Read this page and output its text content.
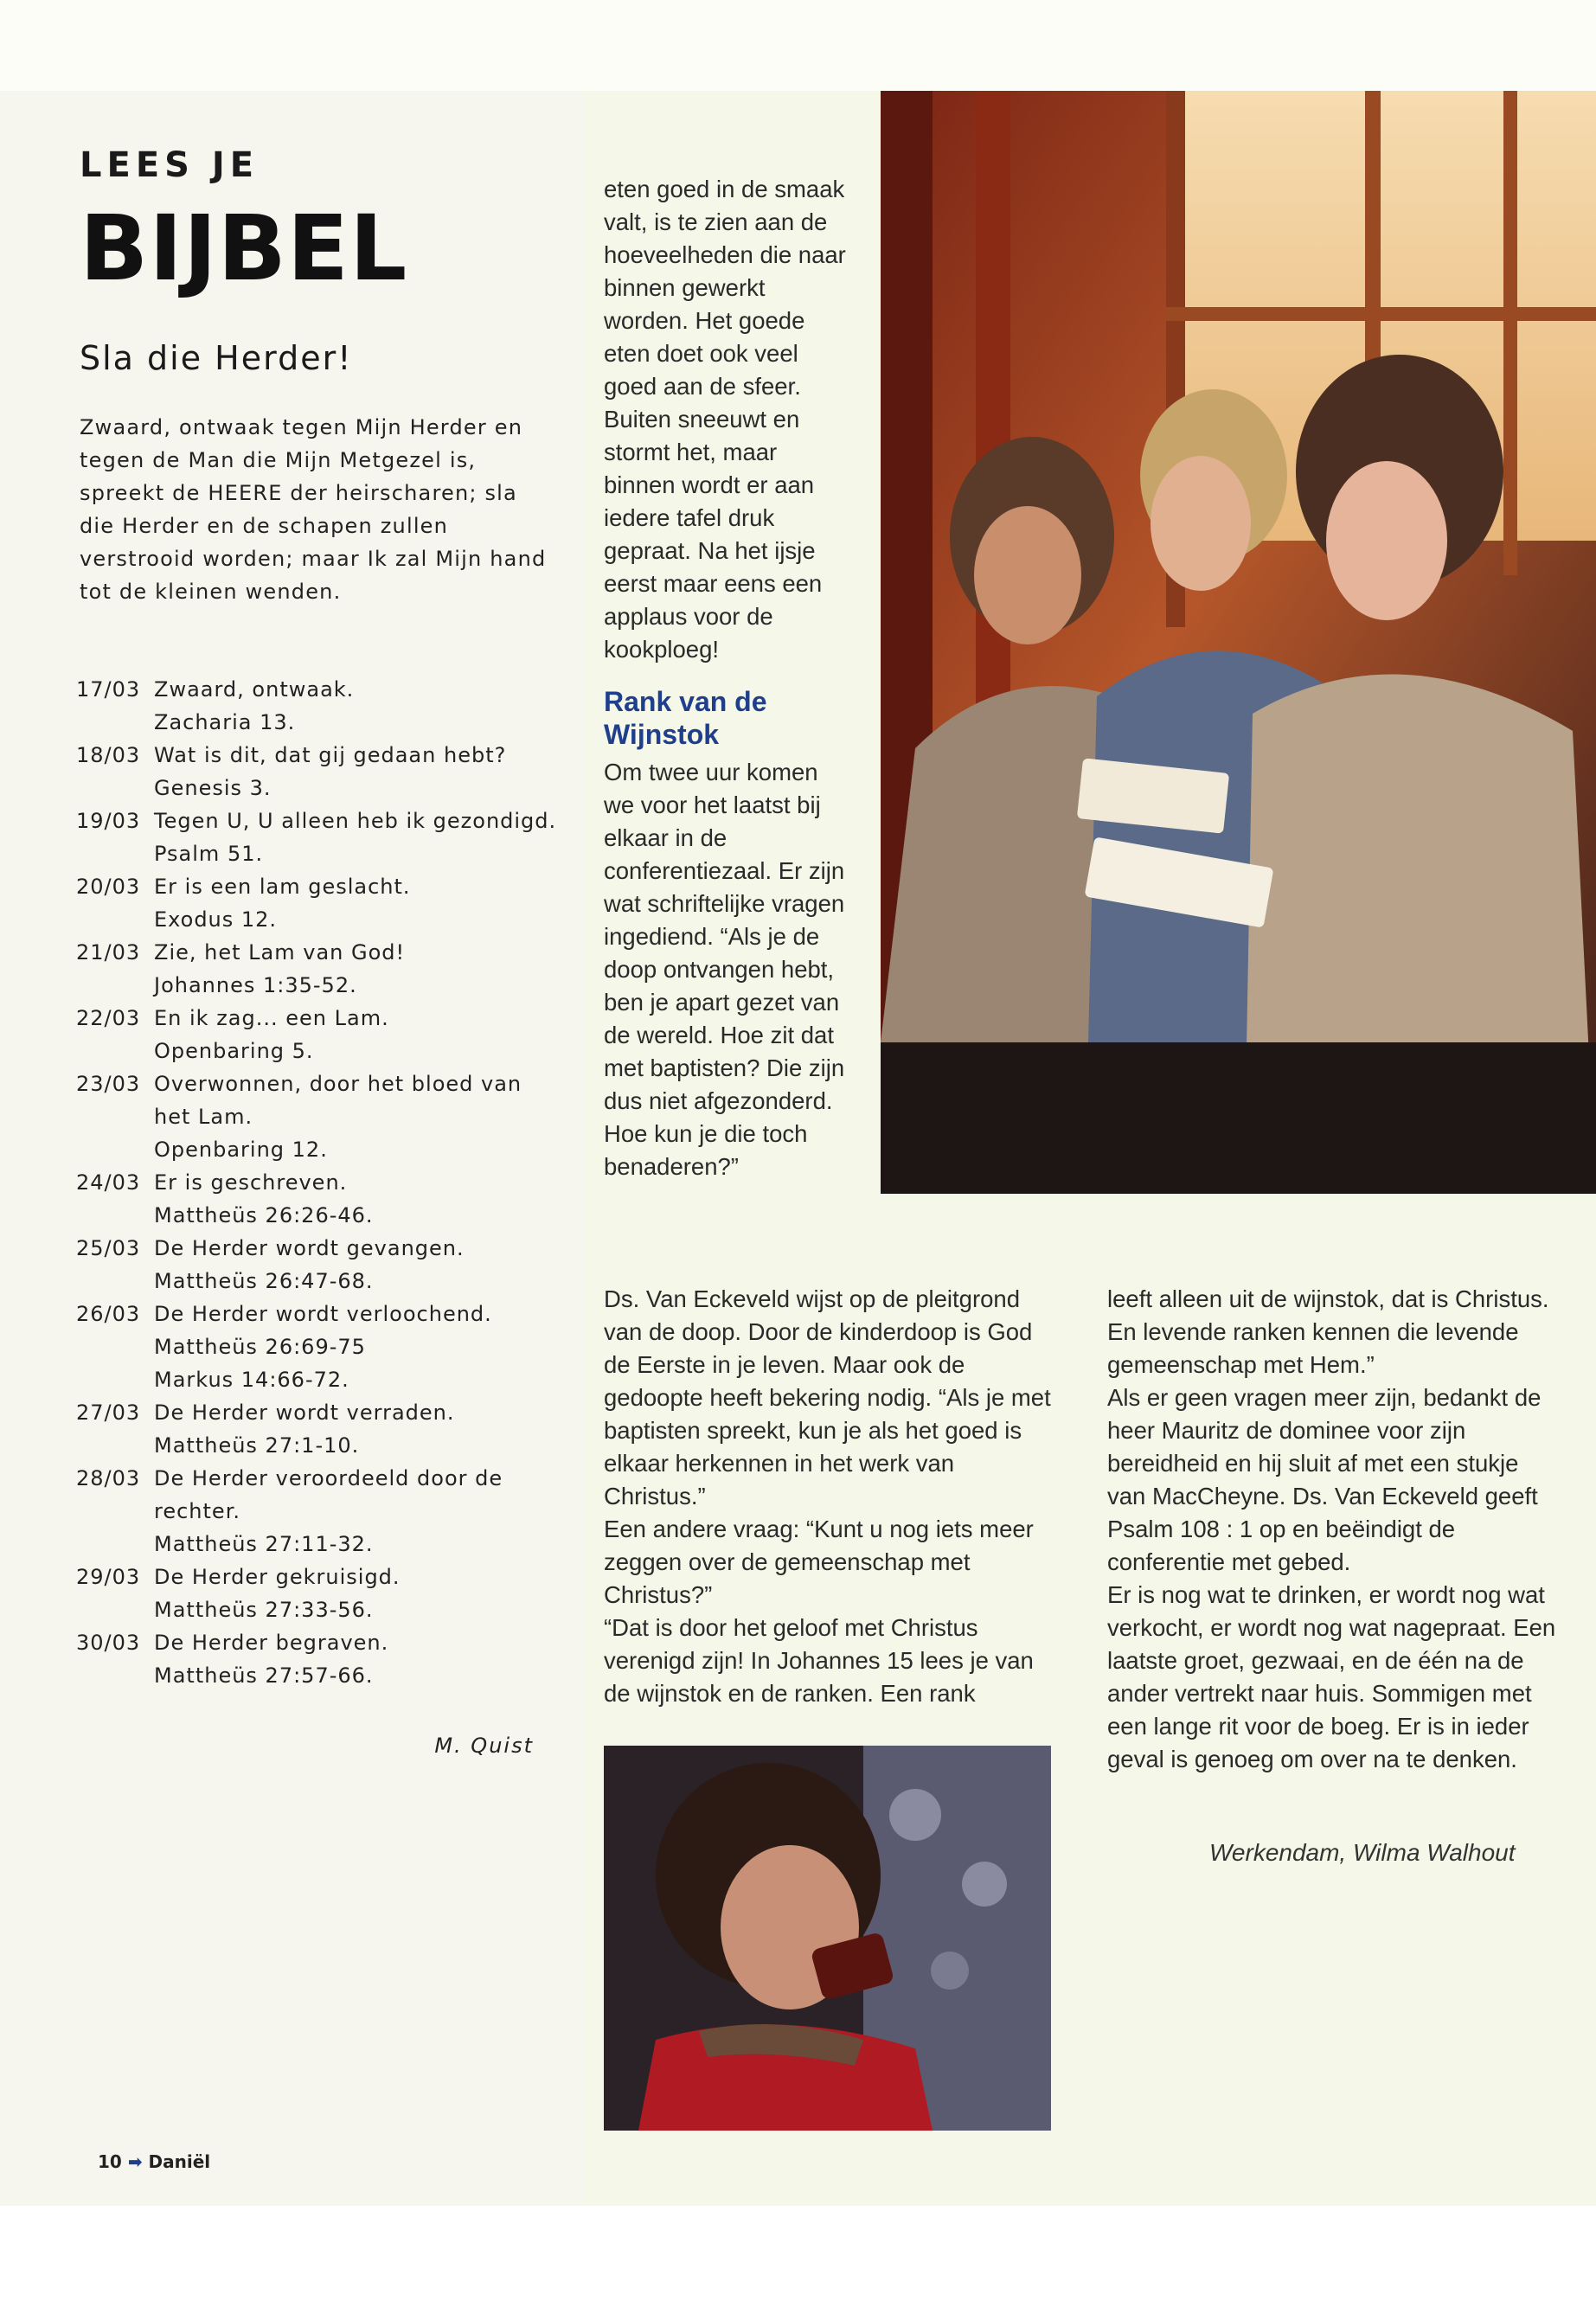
LEES JE
BIJBEL
Sla die Herder!
Zwaard, ontwaak tegen Mijn Herder en tegen de Man die Mijn Metgezel is, spreekt de HEERE der heirscharen; sla die Herder en de schapen zullen verstrooid worden; maar Ik zal Mijn hand tot de kleinen wenden.
17/03 Zwaard, ontwaak.
Zacharia 13.
18/03 Wat is dit, dat gij gedaan hebt?
Genesis 3.
19/03 Tegen U, U alleen heb ik gezondigd.
Psalm 51.
20/03 Er is een lam geslacht.
Exodus 12.
21/03 Zie, het Lam van God!
Johannes 1:35-52.
22/03 En ik zag... een Lam.
Openbaring 5.
23/03 Overwonnen, door het bloed van het Lam.
Openbaring 12.
24/03 Er is geschreven.
Mattheüs 26:26-46.
25/03 De Herder wordt gevangen.
Mattheüs 26:47-68.
26/03 De Herder wordt verloochend.
Mattheüs 26:69-75
Markus 14:66-72.
27/03 De Herder wordt verraden.
Mattheüs 27:1-10.
28/03 De Herder veroordeeld door de rechter.
Mattheüs 27:11-32.
29/03 De Herder gekruisigd.
Mattheüs 27:33-56.
30/03 De Herder begraven.
Mattheüs 27:57-66.
M. Quist

eten goed in de smaak valt, is te zien aan de hoeveelheden die naar binnen gewerkt worden. Het goede eten doet ook veel goed aan de sfeer. Buiten sneeuwt en stormt het, maar binnen wordt er aan iedere tafel druk gepraat. Na het ijsje eerst maar eens een applaus voor de kookploeg!

Rank van de Wijnstok

Om twee uur komen we voor het laatst bij elkaar in de conferentiezaal. Er zijn wat schriftelijke vragen ingediend. “Als je de doop ontvangen hebt, ben je apart gezet van de wereld. Hoe zit dat met baptisten? Die zijn dus niet afgezonderd. Hoe kun je die toch benaderen?”

Ds. Van Eckeveld wijst op de pleitgrond van de doop. Door de kinderdoop is God de Eerste in je leven. Maar ook de gedoopte heeft bekering nodig. “Als je met baptisten spreekt, kun je als het goed is elkaar herkennen in het werk van Christus.”

Een andere vraag: “Kunt u nog iets meer zeggen over de gemeenschap met Christus?”

“Dat is door het geloof met Christus verenigd zijn! In Johannes 15 lees je van de wijnstok en de ranken. Een rank

leeft alleen uit de wijnstok, dat is Christus. En levende ranken kennen die levende gemeenschap met Hem.”

Als er geen vragen meer zijn, bedankt de heer Mauritz de dominee voor zijn bereidheid en hij sluit af met een stukje van MacCheyne. Ds. Van Eckeveld geeft Psalm 108 : 1 op en beëindigt de conferentie met gebed.

Er is nog wat te drinken, er wordt nog wat verkocht, er wordt nog wat nagepraat. Een laatste groet, gezwaai, en de één na de ander vertrekt naar huis. Sommigen met een lange rit voor de boeg. Er is in ieder geval is genoeg om over na te denken.

Werkendam, Wilma Walhout
10 ➡ Daniël
